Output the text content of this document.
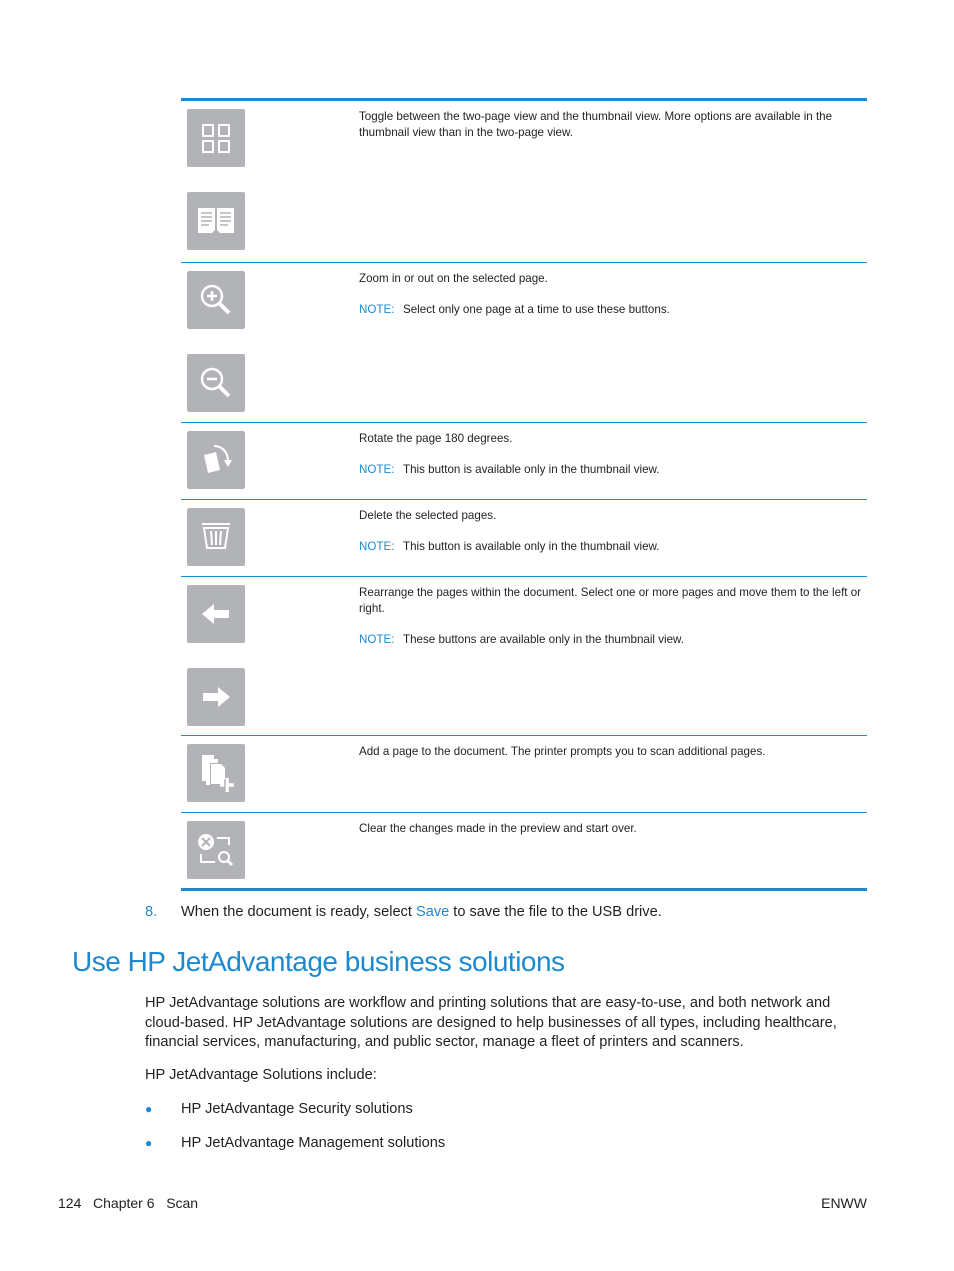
Toggle between the two-page view and the thumbnail view. More options are available in the thumbnail view than in the two-page view.
Zoom in or out on the selected page.
NOTE: Select only one page at a time to use these buttons.
Rotate the page 180 degrees.
NOTE: This button is available only in the thumbnail view.
Delete the selected pages.
NOTE: This button is available only in the thumbnail view.
Rearrange the pages within the document. Select one or more pages and move them to the left or right.
NOTE: These buttons are available only in the thumbnail view.
Add a page to the document. The printer prompts you to scan additional pages.
Clear the changes made in the preview and start over.
8. When the document is ready, select Save to save the file to the USB drive.
Use HP JetAdvantage business solutions

HP JetAdvantage solutions are workflow and printing solutions that are easy-to-use, and both network and cloud-based. HP JetAdvantage solutions are designed to help businesses of all types, including healthcare, financial services, manufacturing, and public sector, manage a fleet of printers and scanners.

HP JetAdvantage Solutions include:

● HP JetAdvantage Security solutions
● HP JetAdvantage Management solutions
124 Chapter 6 Scan	ENWW
